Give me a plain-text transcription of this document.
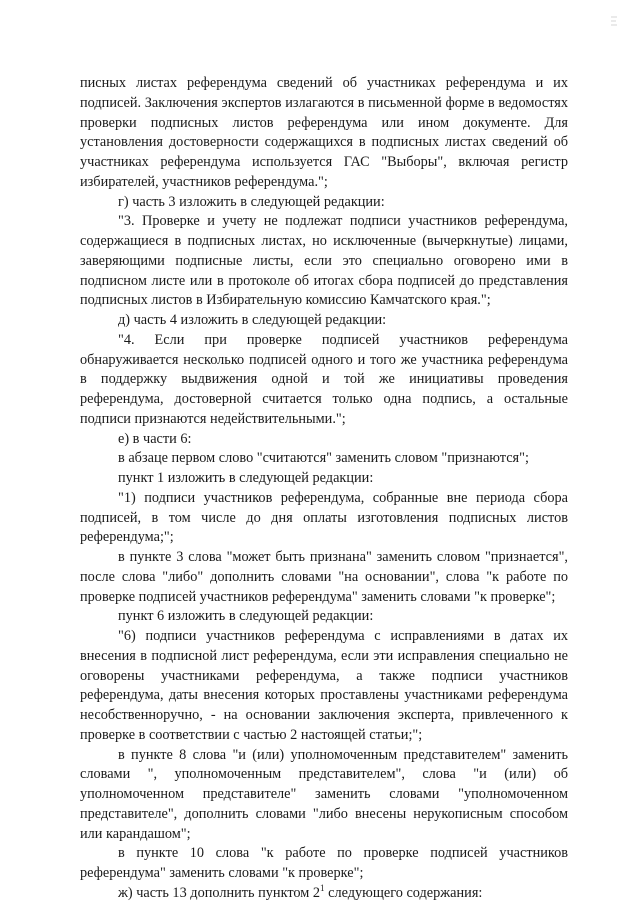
писных листах референдума сведений об участниках референдума и их подписей. Заключения экспертов излагаются в письменной форме в ведомостях проверки подписных листов референдума или ином документе. Для установления достоверности содержащихся в подписных листах сведений об участниках референдума используется ГАС "Выборы", включая регистр избирателей, участников референдума.";

г) часть 3 изложить в следующей редакции:

"3. Проверке и учету не подлежат подписи участников референдума, содержащиеся в подписных листах, но исключенные (вычеркнутые) лицами, заверяющими подписные листы, если это специально оговорено ими в подписном листе или в протоколе об итогах сбора подписей до представления подписных листов в Избирательную комиссию Камчатского края.";

д) часть 4 изложить в следующей редакции:

"4. Если при проверке подписей участников референдума обнаруживается несколько подписей одного и того же участника референдума в поддержку выдвижения одной и той же инициативы проведения референдума, достоверной считается только одна подпись, а остальные подписи признаются недействительными.";

е) в части 6:

в абзаце первом слово "считаются" заменить словом "признаются";

пункт 1 изложить в следующей редакции:

"1) подписи участников референдума, собранные вне периода сбора подписей, в том числе до дня оплаты изготовления подписных листов референдума;";

в пункте 3 слова "может быть признана" заменить словом "признается", после слова "либо" дополнить словами "на основании", слова "к работе по проверке подписей участников референдума" заменить словами "к проверке";

пункт 6 изложить в следующей редакции:

"6) подписи участников референдума с исправлениями в датах их внесения в подписной лист референдума, если эти исправления специально не оговорены участниками референдума, а также подписи участников референдума, даты внесения которых проставлены участниками референдума несобственноручно, - на основании заключения эксперта, привлеченного к проверке в соответствии с частью 2 настоящей статьи;";

в пункте 8 слова "и (или) уполномоченным представителем" заменить словами ", уполномоченным представителем", слова "и (или) об уполномоченном представителе" заменить словами "уполномоченном представителе", дополнить словами "либо внесены нерукописным способом или карандашом";

в пункте 10 слова "к работе по проверке подписей участников референдума" заменить словами "к проверке";

ж) часть 13 дополнить пунктом $2^1$ следующего содержания:
